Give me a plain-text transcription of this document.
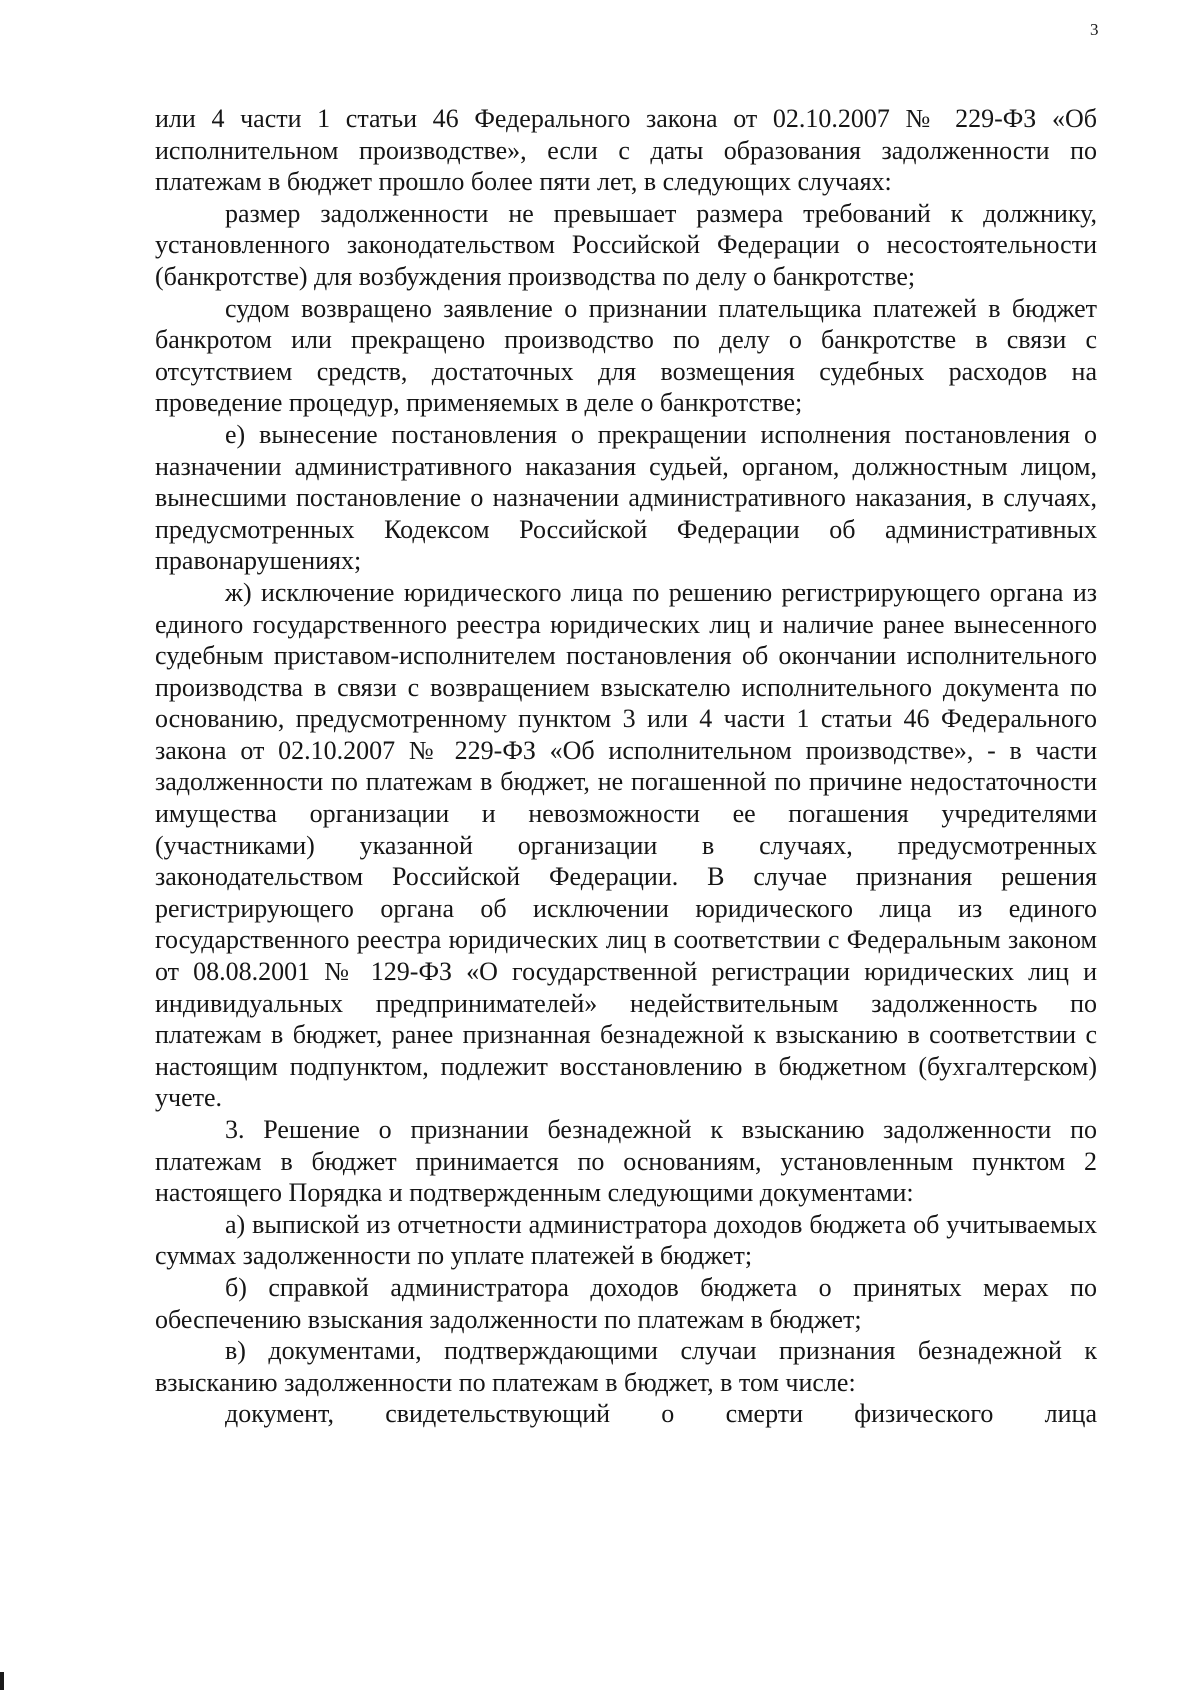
3

или 4 части 1 статьи 46 Федерального закона от 02.10.2007 № 229-ФЗ «Об исполнительном производстве», если с даты образования задолженности по платежам в бюджет прошло более пяти лет, в следующих случаях:

размер задолженности не превышает размера требований к должнику, установленного законодательством Российской Федерации о несостоятельности (банкротстве) для возбуждения производства по делу о банкротстве;

судом возвращено заявление о признании плательщика платежей в бюджет банкротом или прекращено производство по делу о банкротстве в связи с отсутствием средств, достаточных для возмещения судебных расходов на проведение процедур, применяемых в деле о банкротстве;

е) вынесение постановления о прекращении исполнения постановления о назначении административного наказания судьей, органом, должностным лицом, вынесшими постановление о назначении административного наказания, в случаях, предусмотренных Кодексом Российской Федерации об административных правонарушениях;

ж) исключение юридического лица по решению регистрирующего органа из единого государственного реестра юридических лиц и наличие ранее вынесенного судебным приставом-исполнителем постановления об окончании исполнительного производства в связи с возвращением взыскателю исполнительного документа по основанию, предусмотренному пунктом 3 или 4 части 1 статьи 46 Федерального закона от 02.10.2007 № 229-ФЗ «Об исполнительном производстве», - в части задолженности по платежам в бюджет, не погашенной по причине недостаточности имущества организации и невозможности ее погашения учредителями (участниками) указанной организации в случаях, предусмотренных законодательством Российской Федерации. В случае признания решения регистрирующего органа об исключении юридического лица из единого государственного реестра юридических лиц в соответствии с Федеральным законом от 08.08.2001 № 129-ФЗ «О государственной регистрации юридических лиц и индивидуальных предпринимателей» недействительным задолженность по платежам в бюджет, ранее признанная безнадежной к взысканию в соответствии с настоящим подпунктом, подлежит восстановлению в бюджетном (бухгалтерском) учете.

3. Решение о признании безнадежной к взысканию задолженности по платежам в бюджет принимается по основаниям, установленным пунктом 2 настоящего Порядка и подтвержденным следующими документами:

а) выпиской из отчетности администратора доходов бюджета об учитываемых суммах задолженности по уплате платежей в бюджет;

б) справкой администратора доходов бюджета о принятых мерах по обеспечению взыскания задолженности по платежам в бюджет;

в) документами, подтверждающими случаи признания безнадежной к взысканию задолженности по платежам в бюджет, в том числе:

документ, свидетельствующий о смерти физического лица
